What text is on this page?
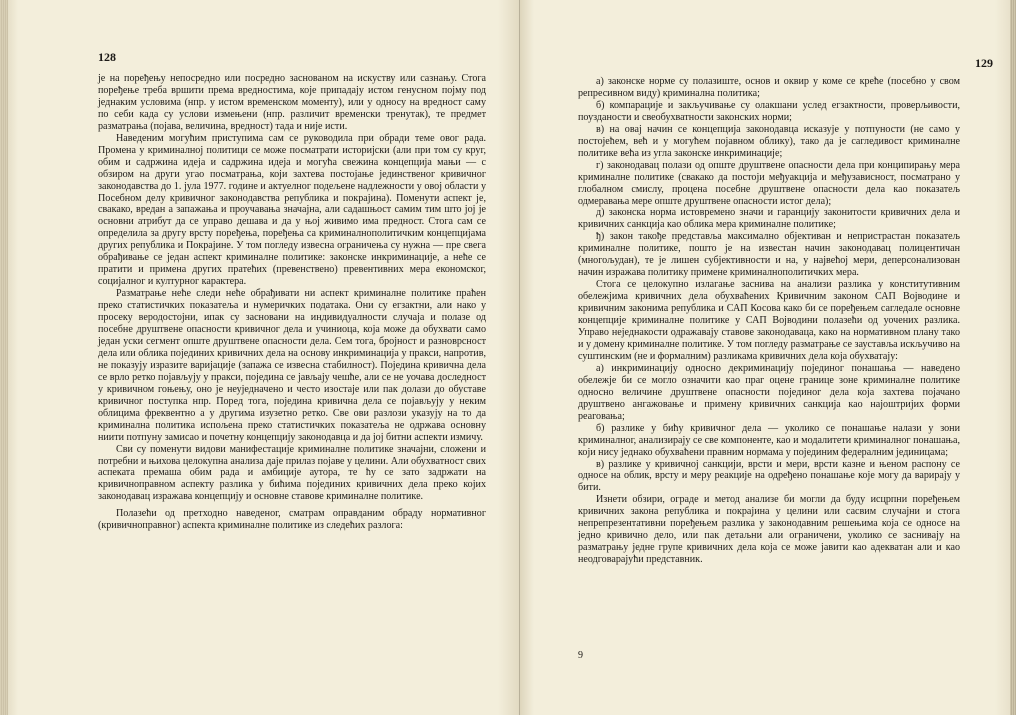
128

је на поређењу непосредно или посредно заснованом на искуству или сазнању. Стога поређење треба вршити према вредностима, које припадају истом генусном појму под једнаким условима (нпр. у истом временском моменту), или у односу на вредност саму по себи када су услови измењени (нпр. различит временски тренутак), те предмет разматрања (појава, величина, вредност) тада и није исти.

Наведеним могућим приступима сам се руководила при обради теме овог рада. Промена у криминалној политици се може посматрати историјски (али при том су круг, обим и садржина идеја и садржина идеја и могућа свежина концепција мањи — с обзиром на други угао посматрања, који захтева постојање јединственог кривичног законодавства до 1. јула 1977. године и актуелног подељене надлежности у овој области у Посебном делу кривичног законодавства република и покрајина). Поменути аспект је, свакако, вредан а запажања и проучавања значајна, али садашњост самим тим што јој је основни атрибут да се управо дешава и да у њој живимо има предност. Стога сам се определила за другу врсту поређења, поређења са криминалнополитичким концепцијама других република и Покрајине. У том погледу извесна ограничења су нужна — пре свега обрађивање се један аспект криминалне политике: законске инкриминације, а неће се пратити и примена других пратећих (превенствено) превентивних мера економског, социјалног и културног карактера.

Разматрање неће следи неће обрађивати ни аспект криминалне политике праћен преко статистичких показатеља и нумеричких података. Они су егзактни, али нако у просеку веродостојни, ипак су засновани на индивидуалности случаја и полазе од посебне друштвене опасности кривичног дела и учиниоца, која може да обухвати само један уски сегмент опште друштвене опасности дела. Сем тога, бројност и разноврсност дела или облика појединих кривичних дела на основу инкриминација у пракси, напротив, не показују изразите варијације (запажа се извесна стабилност). Поједина кривична дела се врло ретко појављују у пракси, поједина се јављају чешће, али се не уочава доследност у кривичном гоњењу, оно је неуједначено и често изостаје или пак долази до обуставе кривичног поступка нпр. Поред тога, поједина кривична дела се појављују у неким облицима фреквентно а у другима изузетно ретко. Све ови разлози указују на то да криминална политика испољена преко статистичких показатеља не одржава основну ниити потпуну замисао и почетну концепцију законодавца и да јој битни аспекти измичу.

Сви су поменути видови манифестације криминалне политике значајни, сложени и потребни и њихова целокупна анализа даје прилаз појаве у целини. Али обухватност свих аспеката премаша обим рада и амбиције аутора, те ћу се зато задржати на кривичноправном аспекту разлика у бићима појединих кривичних дела преко којих законодавац изражава концепцију и основне ставове криминалне политике.

Полазећи од претходно наведеног, сматрам оправданим обраду нормативног (кривичноправног) аспекта криминалне политике из следећих разлога:

129

а) законске норме су полазиште, основ и оквир у коме се креће (посебно у свом репресивном виду) криминална политика;

б) компарације и закључивање су олакшани услед егзактности, проверљивости, поузданости и свеобухватности законских норми;

в) на овај начин се концепција законодавца исказује у потпуности (не само у постојећем, већ и у могућем појавном облику), тако да је сагледивост криминалне политике већа из угла законске инкриминације;

г) законодавац полази од опште друштвене опасности дела при конципирању мера криминалне политике (свакако да постоји међуакција и међузависност, посматрано у глобалном смислу, процена посебне друштвене опасности дела као показатељ одмеравања мере опште друштвене опасности истог дела);

д) законска норма истовремено значи и гаранцију законитости кривичних дела и кривичних санкција као облика мера криминалне политике;

ђ) закон такође представља максимално објективан и непристрастан показатељ криминалне политике, пошто је на известан начин законодавац полицентичан (многољудан), те је лишен субјективности и на, у највећој мери, деперсонализован начин изражава политику примене криминалнополитичких мера.

Стога се целокупно излагање заснива на анализи разлика у конститутивним обележјима кривичних дела обухваћених Кривичним законом САП Војводине и кривичним законима република и САП Косова како би се поређењем сагледале основне концепције криминалне политике у САП Војводини полазећи од уочених разлика. Управо неједнакости одражавају ставове законодаваца, како на нормативном плану тако и у домену криминалне политике. У том погледу разматрање се зауставља искључиво на суштинским (не и формалним) разликама кривичних дела која обухватају:

а) инкриминацију односно декриминацију појединог понашања — наведено обележје би се могло означити као праг оцене границе зоне криминалне политике односно величине друштвене опасности појединог дела која захтева појачано друштвено ангажовање и примену кривичних санкција као најоштријих форми реаговања;

б) разлике у бићу кривичног дела — уколико се понашање налази у зони криминалног, анализирају се све компоненте, као и модалитети криминалног понашања, који нису једнако обухваћени правним нормама у појединим федералним јединицама;

в) разлике у кривичној санкцији, врсти и мери, врсти казне и њеном распону се односе на облик, врсту и меру реакције на одређено понашање које могу да варирају у бити.

Изнети обзири, ограде и метод анализе би могли да буду исцрпни поређењем кривичних закона република и покрајина у целини или сасвим случајни и стога непрепрезентативни поређењем разлика у законодавним решењима која се односе на једно кривично дело, или пак детаљни али ограничени, уколико се засниваjу на разматрању једне групе кривичних дела која се може јавити као адекватан али и као неодговарајући представник.

9
